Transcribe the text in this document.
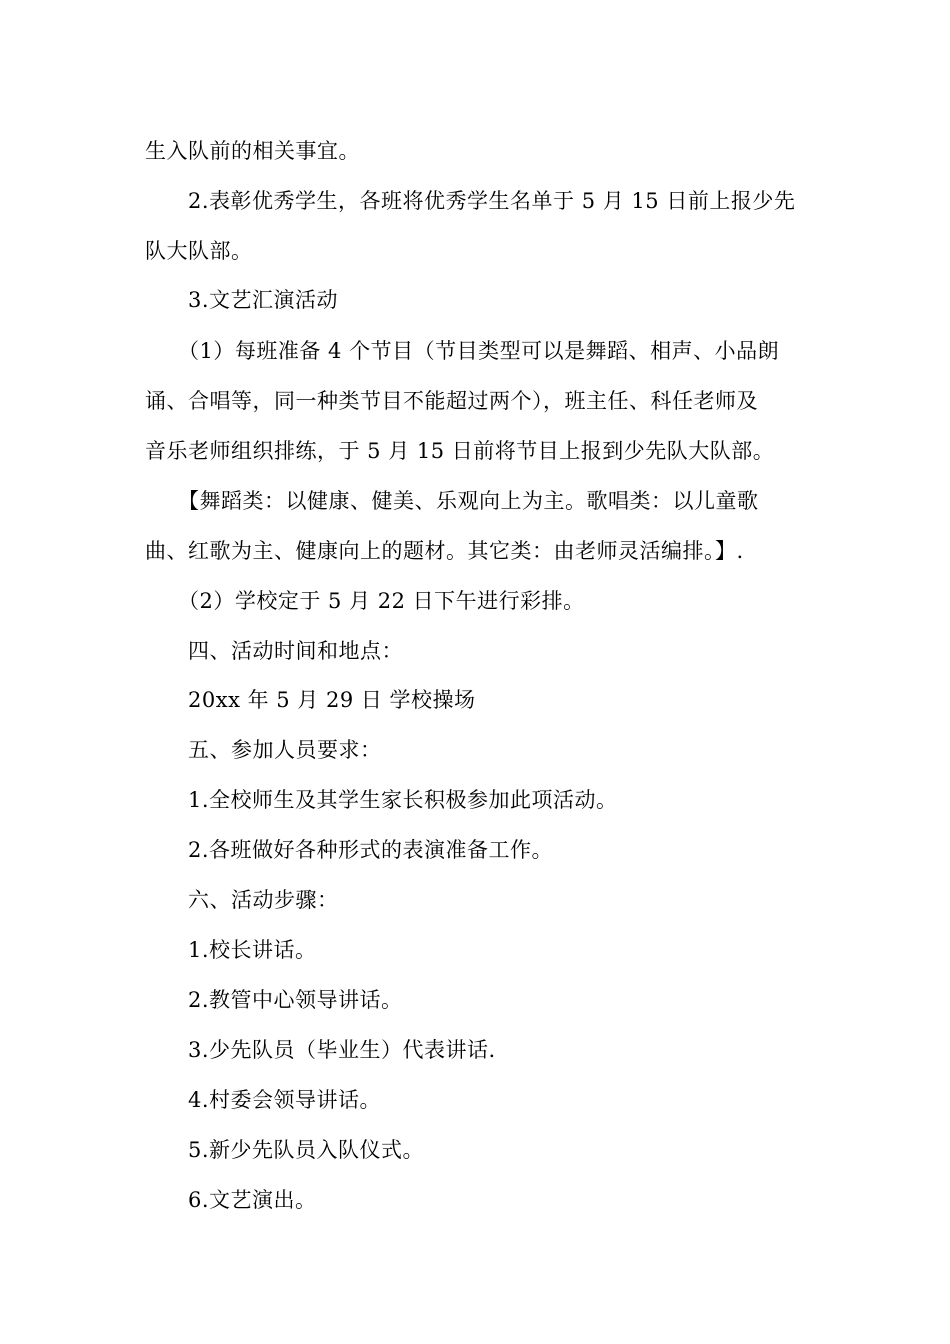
生入队前的相关事宜。
2.表彰优秀学生，各班将优秀学生名单于 5 月 15 日前上报少先
队大队部。
3.文艺汇演活动
（1）每班准备 4 个节目（节目类型可以是舞蹈、相声、小品朗
诵、合唱等，同一种类节目不能超过两个），班主任、科任老师及
音乐老师组织排练，于 5 月 15 日前将节目上报到少先队大队部。
【舞蹈类：以健康、健美、乐观向上为主。歌唱类：以儿童歌
曲、红歌为主、健康向上的题材。其它类：由老师灵活编排。】.
（2）学校定于 5 月 22 日下午进行彩排。
四、活动时间和地点：
20xx 年 5 月 29 日 学校操场
五、参加人员要求：
1.全校师生及其学生家长积极参加此项活动。
2.各班做好各种形式的表演准备工作。
六、活动步骤：
1.校长讲话。
2.教管中心领导讲话。
3.少先队员（毕业生）代表讲话.
4.村委会领导讲话。
5.新少先队员入队仪式。
6.文艺演出。
